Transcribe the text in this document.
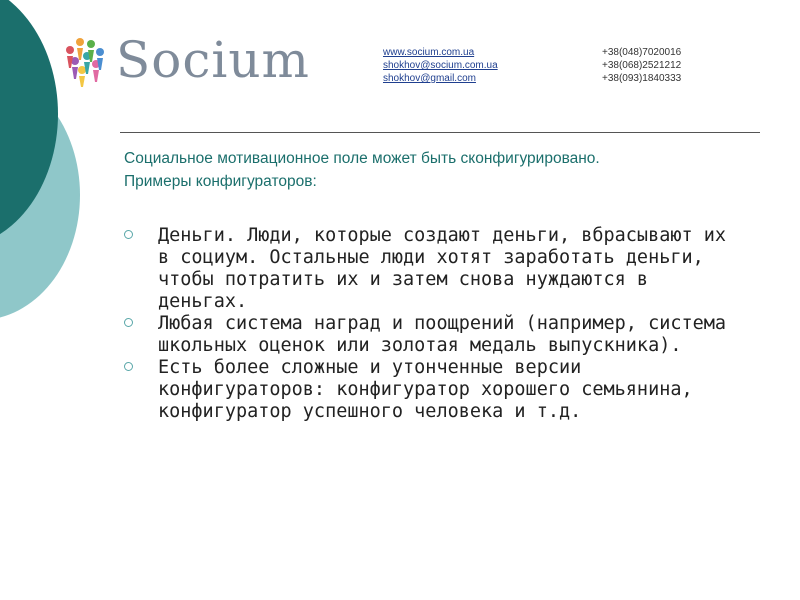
Socium	www.socium.com.ua
shokhov@socium.com.ua
shokhov@gmail.com
+38(048)7020016
+38(068)2521212
+38(093)1840333
Социальное мотивационное поле может быть сконфигурировано.
Примеры конфигураторов:
Деньги. Люди, которые создают деньги, вбрасывают их в социум. Остальные люди хотят заработать деньги, чтобы потратить их и затем снова нуждаются в деньгах.
Любая система наград и поощрений (например, система школьных оценок или золотая медаль выпускника).
Есть более сложные и утонченные версии конфигураторов: конфигуратор хорошего семьянина, конфигуратор успешного человека и т.д.
